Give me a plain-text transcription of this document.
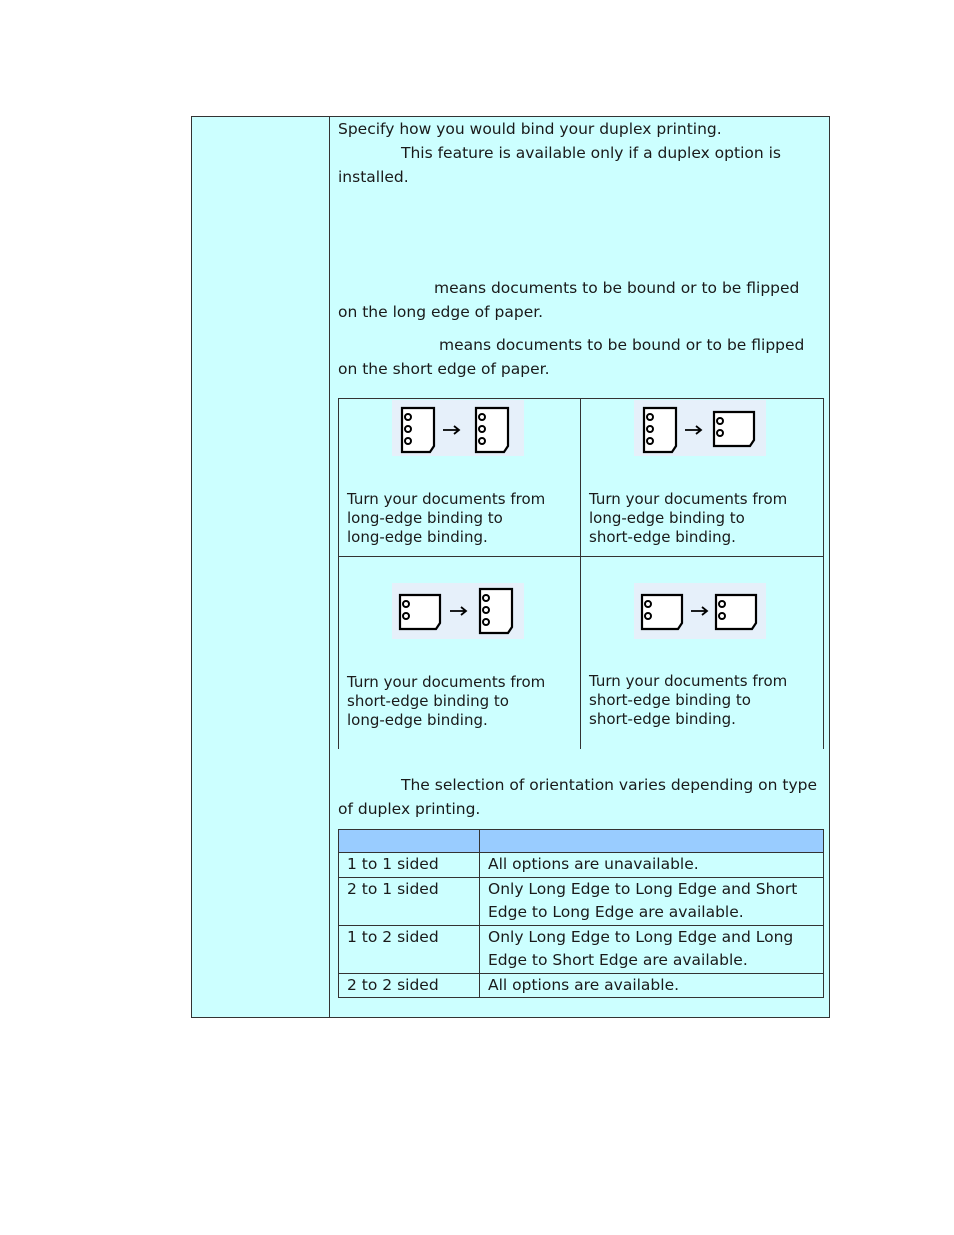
Specify how you would bind your duplex printing.
This feature is available only if a duplex option is installed.
means documents to be bound or to be flipped on the long edge of paper.
means documents to be bound or to be flipped on the short edge of paper.
Turn your documents from
long-edge binding to
long-edge binding.
Turn your documents from
long-edge binding to
short-edge binding.
Turn your documents from
short-edge binding to
long-edge binding.
Turn your documents from
short-edge binding to
short-edge binding.
The selection of orientation varies depending on type of duplex printing.

1 to 1 sided	All options are unavailable.
2 to 1 sided	Only Long Edge to Long Edge and Short Edge to Long Edge are available.
1 to 2 sided	Only Long Edge to Long Edge and Long Edge to Short Edge are available.
2 to 2 sided	All options are available.
